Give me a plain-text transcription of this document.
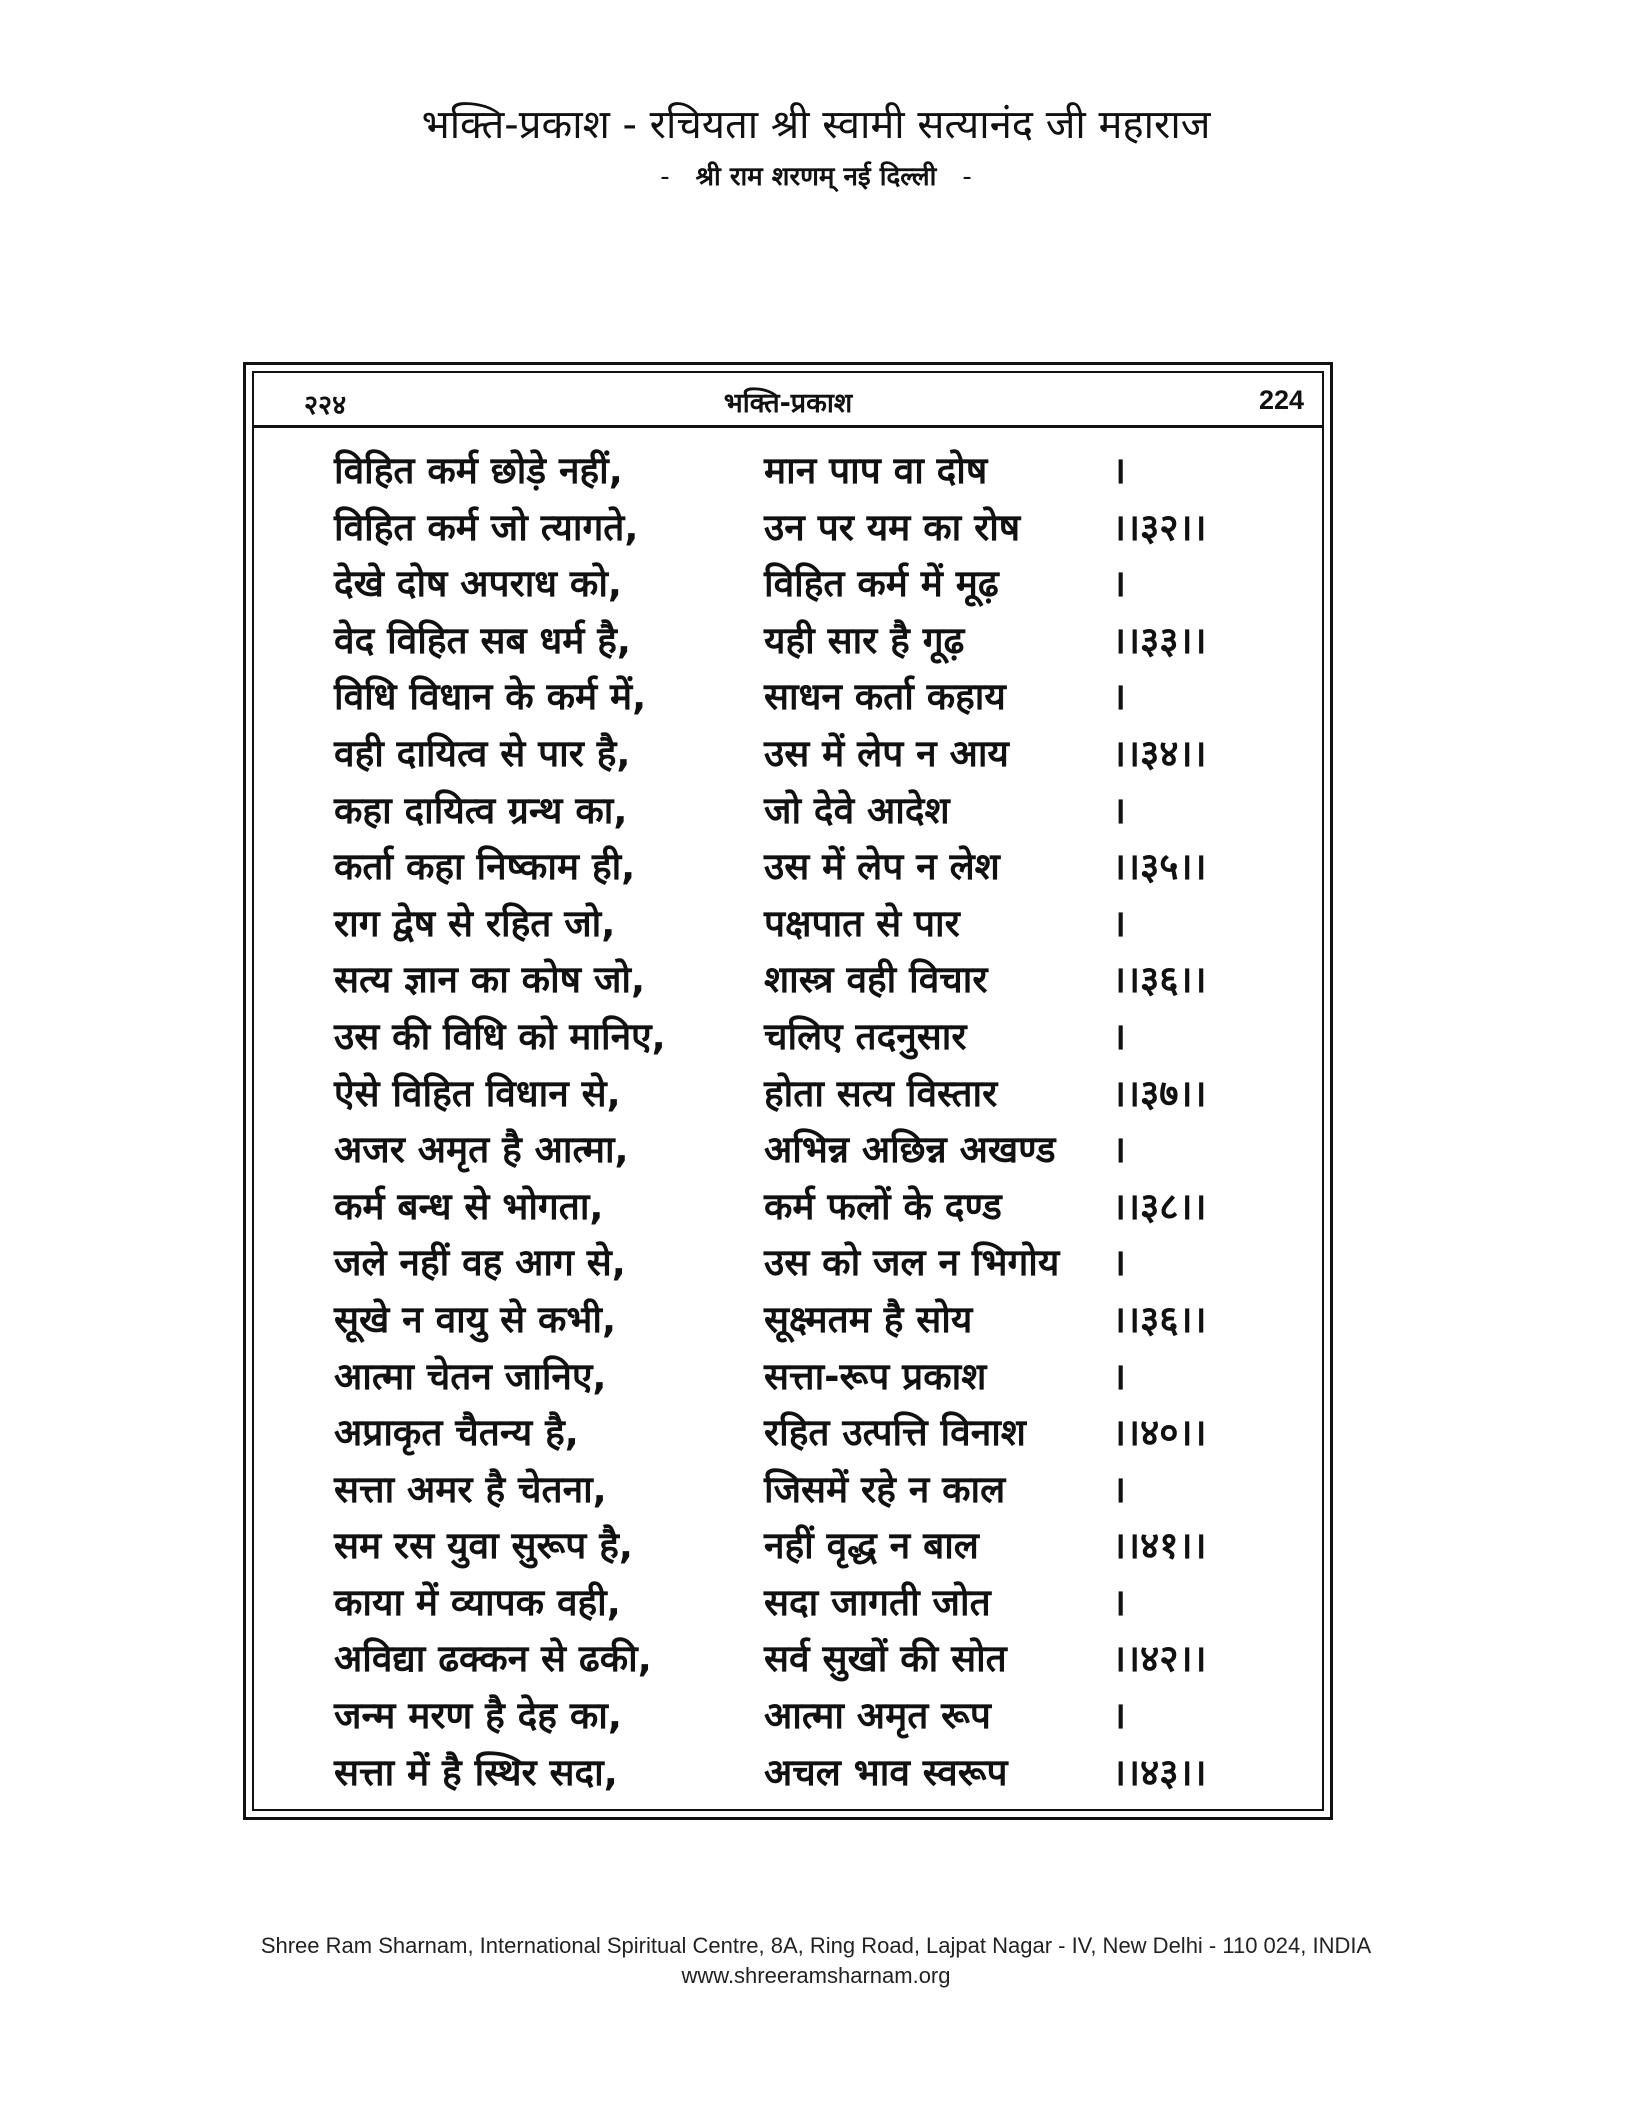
भक्ति-प्रकाश - रचियता श्री स्वामी सत्यानंद जी महाराज
- श्री राम शरणम् नई दिल्ली -
२२४	भक्ति-प्रकाश	224
विहित कर्म छोड़े नहीं,	मान पाप वा दोष	।
विहित कर्म जो त्यागते,	उन पर यम का रोष ।।३२।।
देखे दोष अपराध को,	विहित कर्म में मूढ़	।
वेद विहित सब धर्म है,	यही सार है गूढ़	।।३३।।
विधि विधान के कर्म में,	साधन कर्ता कहाय	।
वही दायित्व से पार है,	उस में लेप न आय	।।३४।।
कहा दायित्व ग्रन्थ का,	जो देवे आदेश	।
कर्ता कहा निष्काम ही,	उस में लेप न लेश	।।३५।।
राग द्वेष से रहित जो,	पक्षपात से पार	।
सत्य ज्ञान का कोष जो,	शास्त्र वही विचार	।।३६।।
उस की विधि को मानिए,	चलिए तदनुसार	।
ऐसे विहित विधान से,	होता सत्य विस्तार	।।३७।।
अजर अमृत है आत्मा,	अभिन्न अछिन्न अखण्ड ।
कर्म बन्ध से भोगता,	कर्म फलों के दण्ड	।।३८।।
जले नहीं वह आग से,	उस को जल न भिगोय ।
सूखे न वायु से कभी,	सूक्ष्मतम है सोय	।।३६।।
आत्मा चेतन जानिए,	सत्ता-रूप प्रकाश	।
अप्राकृत चैतन्य है,	रहित उत्पत्ति विनाश ।।४०।।
सत्ता अमर है चेतना,	जिसमें रहे न काल	।
सम रस युवा सुरूप है,	नहीं वृद्ध न बाल	।।४१।।
काया में व्यापक वही,	सदा जागती जोत	।
अविद्या ढक्कन से ढकी,	सर्व सुखों की सोत	।।४२।।
जन्म मरण है देह का,	आत्मा अमृत रूप	।
सत्ता में है स्थिर सदा,	अचल भाव स्वरूप	।।४३।।
Shree Ram Sharnam, International Spiritual Centre, 8A, Ring Road, Lajpat Nagar - IV, New Delhi - 110 024, INDIA
www.shreeramsharnam.org
